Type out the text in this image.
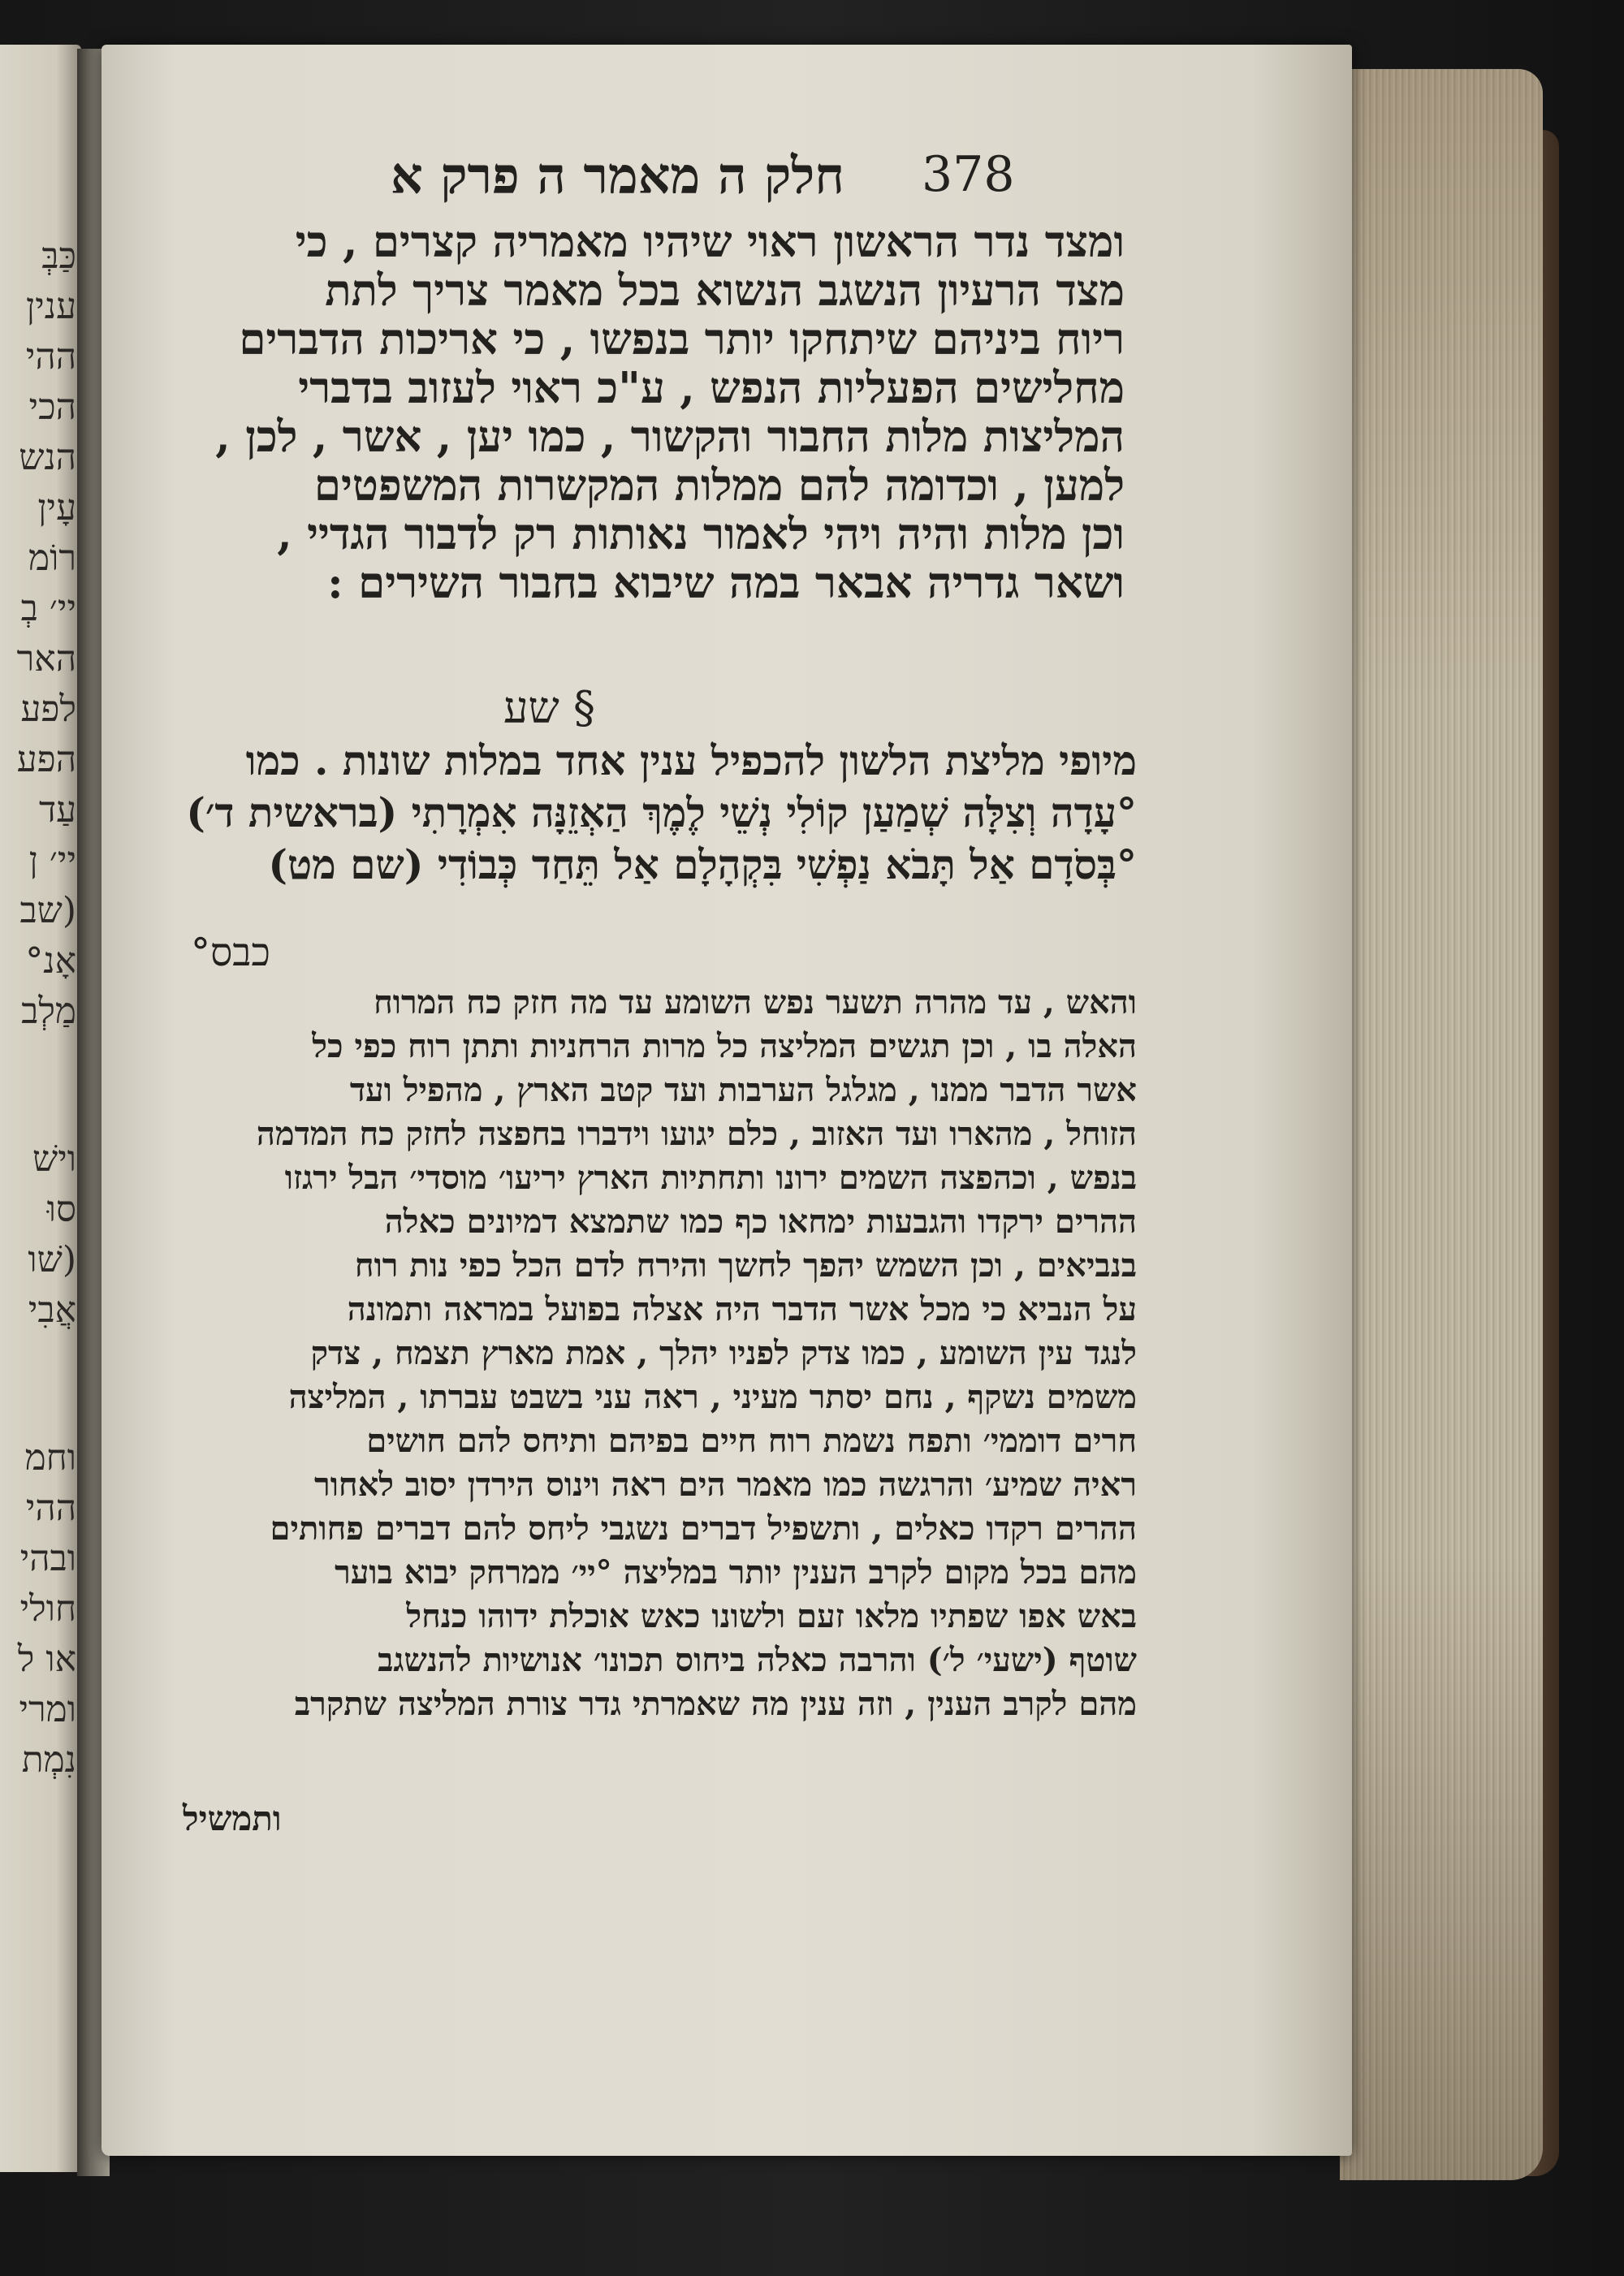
כַּבְּ
ענין
ההי
הכי
הנש
עָין
רוֹמ
יי׳ בְ
האר
לפע
הפע
עַד
יי׳ ן
(שב
אָנ°
מַלְב
וישׁ
סוּ
(שׁו
אֲבִי
וחמ
ההי
ובהי
חולי
או ל
ומרי
נִמְת
378
חלק ה מאמר ה פרק א
ומצד נדר הראשון ראוי שיהיו מאמריה קצרים , כי
מצד הרעיון הנשגב הנשוא בכל מאמר צריך לתת
ריוח ביניהם שיתחקו יותר בנפשו , כי אריכות הדברים
מחלישים הפעליות הנפש , ע"כ ראוי לעזוב בדברי
המליצות מלות החבור והקשור , כמו יען , אשר , לכן ,
למען , וכדומה להם ממלות המקשרות המשפטים
וכן מלות והיה ויהי לאמור נאותות רק לדבור הגדיי ,
ושאר גדריה אבאר במה שיבוא בחבור השירים :
§ שע
מיופי מליצת הלשון להכפיל ענין אחד במלות שונות . כמו
°עָדָה וְצִלָּה שְׁמַעַן קוֹלִי נְשֵׁי לֶמֶךְ הַאְזֵנָּה אִמְרָתִי (בראשית ד׳)
°בְּסֹדָם אַל תָּבֹא נַפְשִׁי בִּקְהָלָם אַל תֵּחַד כְּבוֹדִי (שם מט)
כבס°
והאש , עד מהרה תשער נפש השומע עד מה חזק כח המרוח
האלה בו , וכן תגשים המליצה כל מרות הרחניות ותתן רוח כפי כל
אשר הדבר ממנו , מגלגל הערבות ועד קטב הארץ , מהפיל ועד
הזוחל , מהארו ועד האזוב , כלם יגועו וידברו בחפצה לחזק כח המדמה
בנפש , וכהפצה השמים ירונו ותחתיות הארץ יריעו׳ מוסדי׳ הבל ירגזו
ההרים ירקדו והגבעות ימחאו כף כמו שתמצא דמיונים כאלה
בנביאים , וכן השמש יהפך לחשך והירח לדם הכל כפי נות רוח
על הנביא כי מכל אשר הדבר היה אצלה בפועל במראה ותמונה
לנגד עין השומע , כמו צדק לפניו יהלך , אמת מארץ תצמח , צדק
משמים נשקף , נחם יסתר מעיני , ראה עני בשבט עברתו , המליצה
חרים דוממי׳ ותפח נשמת רוח חיים בפיהם ותיחס להם חושים
ראיה שמיע׳ והרגשה כמו מאמר הים ראה וינוס הירדן יסוב לאחור
ההרים רקדו כאלים , ותשפיל דברים נשגבי ליחס להם דברים פחותים
מהם בכל מקום לקרב הענין יותר במליצה °יי׳ ממרחק יבוא בוער
באש אפו שפתיו מלאו זעם ולשונו כאש אוכלת ידוהו כנחל
שוטף (ישעי׳ ל׳) והרבה כאלה ביחוס תכונו׳ אנושיות להנשגב
מהם לקרב הענין , וזה ענין מה שאמרתי גדר צורת המליצה שתקרב
ותמשיל
